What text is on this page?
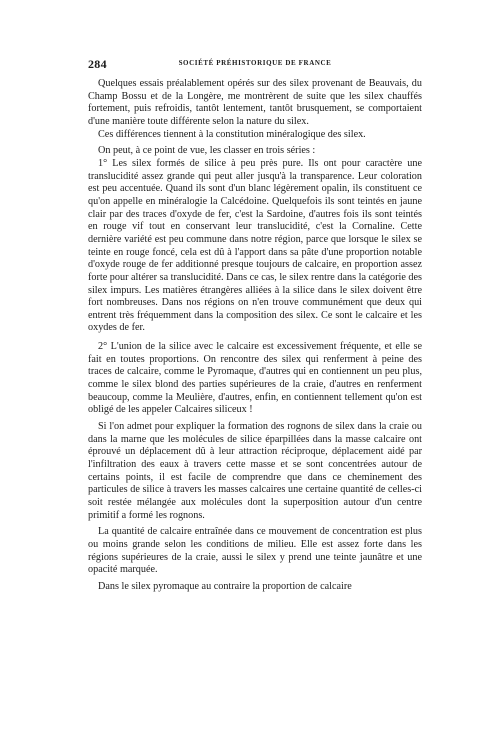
284	SOCIÉTÉ PRÉHISTORIQUE DE FRANCE

Quelques essais préalablement opérés sur des silex provenant de Beauvais, du Champ Bossu et de la Longère, me montrèrent de suite que les silex chauffés fortement, puis refroidis, tantôt lentement, tantôt brusquement, se comportaient d'une manière toute différente selon la nature du silex.

Ces différences tiennent à la constitution minéralogique des silex.

On peut, à ce point de vue, les classer en trois séries :

1° Les silex formés de silice à peu près pure. Ils ont pour caractère une translucidité assez grande qui peut aller jusqu'à la transparence. Leur coloration est peu accentuée. Quand ils sont d'un blanc légèrement opalin, ils constituent ce qu'on appelle en minéralogie la Calcédoine. Quelquefois ils sont teintés en jaune clair par des traces d'oxyde de fer, c'est la Sardoine, d'autres fois ils sont teintés en rouge vif tout en conservant leur translucidité, c'est la Cornaline. Cette dernière variété est peu commune dans notre région, parce que lorsque le silex se teinte en rouge foncé, cela est dû à l'apport dans sa pâte d'une proportion notable d'oxyde rouge de fer additionné presque toujours de calcaire, en proportion assez forte pour altérer sa translucidité. Dans ce cas, le silex rentre dans la catégorie des silex impurs. Les matières étrangères alliées à la silice dans le silex doivent être fort nombreuses. Dans nos régions on n'en trouve communément que deux qui entrent très fréquemment dans la composition des silex. Ce sont le calcaire et les oxydes de fer.

2° L'union de la silice avec le calcaire est excessivement fréquente, et elle se fait en toutes proportions. On rencontre des silex qui renferment à peine des traces de calcaire, comme le Pyromaque, d'autres qui en contiennent un peu plus, comme le silex blond des parties supérieures de la craie, d'autres en renferment beaucoup, comme la Meulière, d'autres, enfin, en contiennent tellement qu'on est obligé de les appeler Calcaires siliceux !

Si l'on admet pour expliquer la formation des rognons de silex dans la craie ou dans la marne que les molécules de silice éparpillées dans la masse calcaire ont éprouvé un déplacement dû à leur attraction réciproque, déplacement aidé par l'infiltration des eaux à travers cette masse et se sont concentrées autour de certains points, il est facile de comprendre que dans ce cheminement des particules de silice à travers les masses calcaires une certaine quantité de celles-ci soit restée mélangée aux molécules dont la superposition autour d'un centre primitif a formé les rognons.

La quantité de calcaire entraînée dans ce mouvement de concentration est plus ou moins grande selon les conditions de milieu. Elle est assez forte dans les régions supérieures de la craie, aussi le silex y prend une teinte jaunâtre et une opacité marquée.

Dans le silex pyromaque au contraire la proportion de calcaire
